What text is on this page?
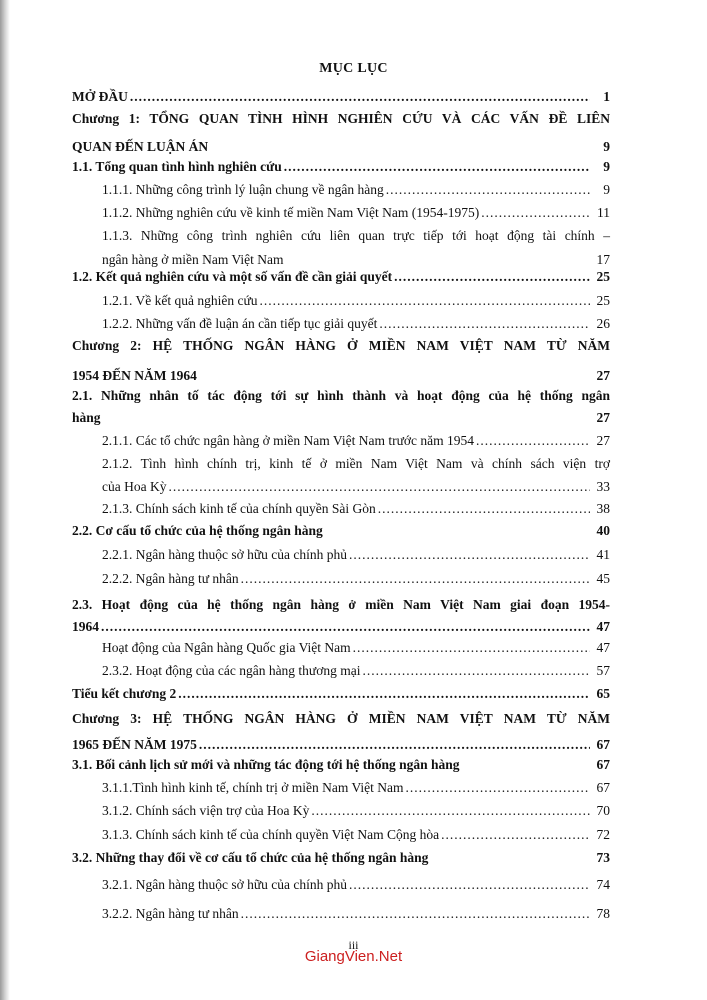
MỤC LỤC
MỞ ĐẦU .....	1
Chương 1: TỔNG QUAN TÌNH HÌNH NGHIÊN CỨU VÀ CÁC VẤN ĐỀ LIÊN
QUAN ĐẾN LUẬN ÁN	9
1.1. Tổng quan tình hình nghiên cứu .....	9
1.1.1. Những công trình lý luận chung về ngân hàng .....	9
1.1.2. Những nghiên cứu về kinh tế miền Nam Việt Nam (1954-1975) .....	11
1.1.3. Những công trình nghiên cứu liên quan trực tiếp tới hoạt động tài chính –
ngân hàng ở miền Nam Việt Nam	17
1.2. Kết quả nghiên cứu và một số vấn đề cần giải quyết .....	25
1.2.1. Về kết quả nghiên cứu .....	25
1.2.2. Những vấn đề luận án cần tiếp tục giải quyết .....	26
Chương 2: HỆ THỐNG NGÂN HÀNG Ở MIỀN NAM VIỆT NAM TỪ NĂM
1954 ĐẾN NĂM 1964	27
2.1. Những nhân tố tác động tới sự hình thành và hoạt động của hệ thống ngân
hàng	27
2.1.1. Các tổ chức ngân hàng ở miền Nam Việt Nam trước năm 1954 .....	27
2.1.2. Tình hình chính trị, kinh tế ở miền Nam Việt Nam và chính sách viện trợ
của Hoa Kỳ .....	33
2.1.3. Chính sách kinh tế của chính quyền Sài Gòn .....	38
2.2. Cơ cấu tổ chức của hệ thống ngân hàng	40
2.2.1. Ngân hàng thuộc sở hữu của chính phủ .....	41
2.2.2. Ngân hàng tư nhân .....	45
2.3. Hoạt động của hệ thống ngân hàng ở miền Nam Việt Nam giai đoạn 1954-
1964 .....	47
Hoạt động của Ngân hàng Quốc gia Việt Nam .....	47
2.3.2. Hoạt động của các ngân hàng thương mại .....	57
Tiểu kết chương 2 .....	65
Chương 3: HỆ THỐNG NGÂN HÀNG Ở MIỀN NAM VIỆT NAM TỪ NĂM
1965 ĐẾN NĂM 1975 .....	67
3.1. Bối cảnh lịch sử mới và những tác động tới hệ thống ngân hàng	67
3.1.1.Tình hình kinh tế, chính trị ở miền Nam Việt Nam .....	67
3.1.2. Chính sách viện trợ của Hoa Kỳ .....	70
3.1.3. Chính sách kinh tế của chính quyền Việt Nam Cộng hòa .....	72
3.2. Những thay đổi về cơ cấu tổ chức của hệ thống ngân hàng	73
3.2.1. Ngân hàng thuộc sở hữu của chính phủ .....	74
3.2.2. Ngân hàng tư nhân .....	78
iii
GiangVien.Net
